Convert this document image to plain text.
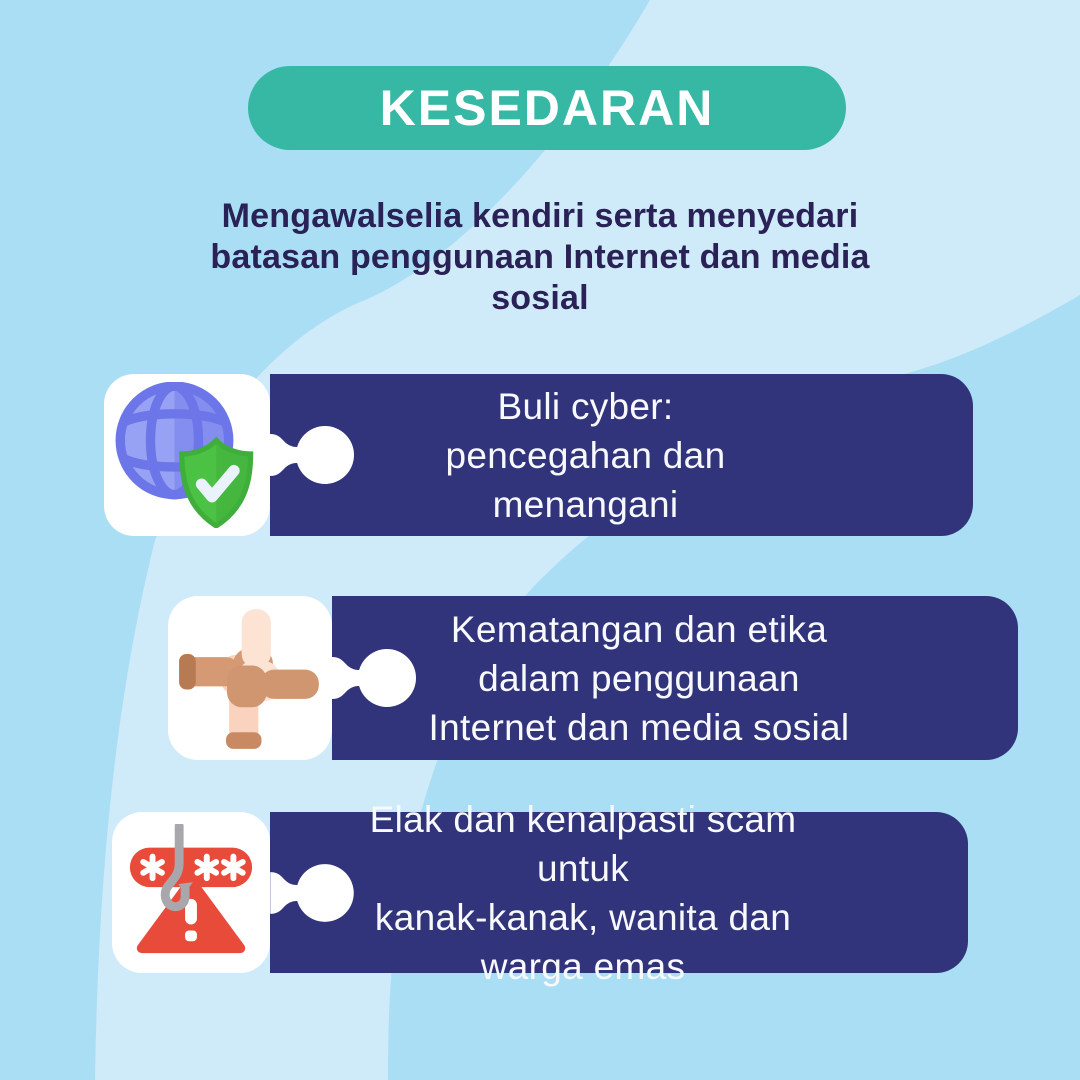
KESEDARAN
Mengawalselia kendiri serta menyedari
batasan penggunaan Internet dan media
sosial
Buli cyber:
pencegahan dan
menangani
Kematangan dan etika
dalam penggunaan
Internet dan media sosial
Elak dan kenalpasti scam untuk
kanak-kanak, wanita dan
warga emas
